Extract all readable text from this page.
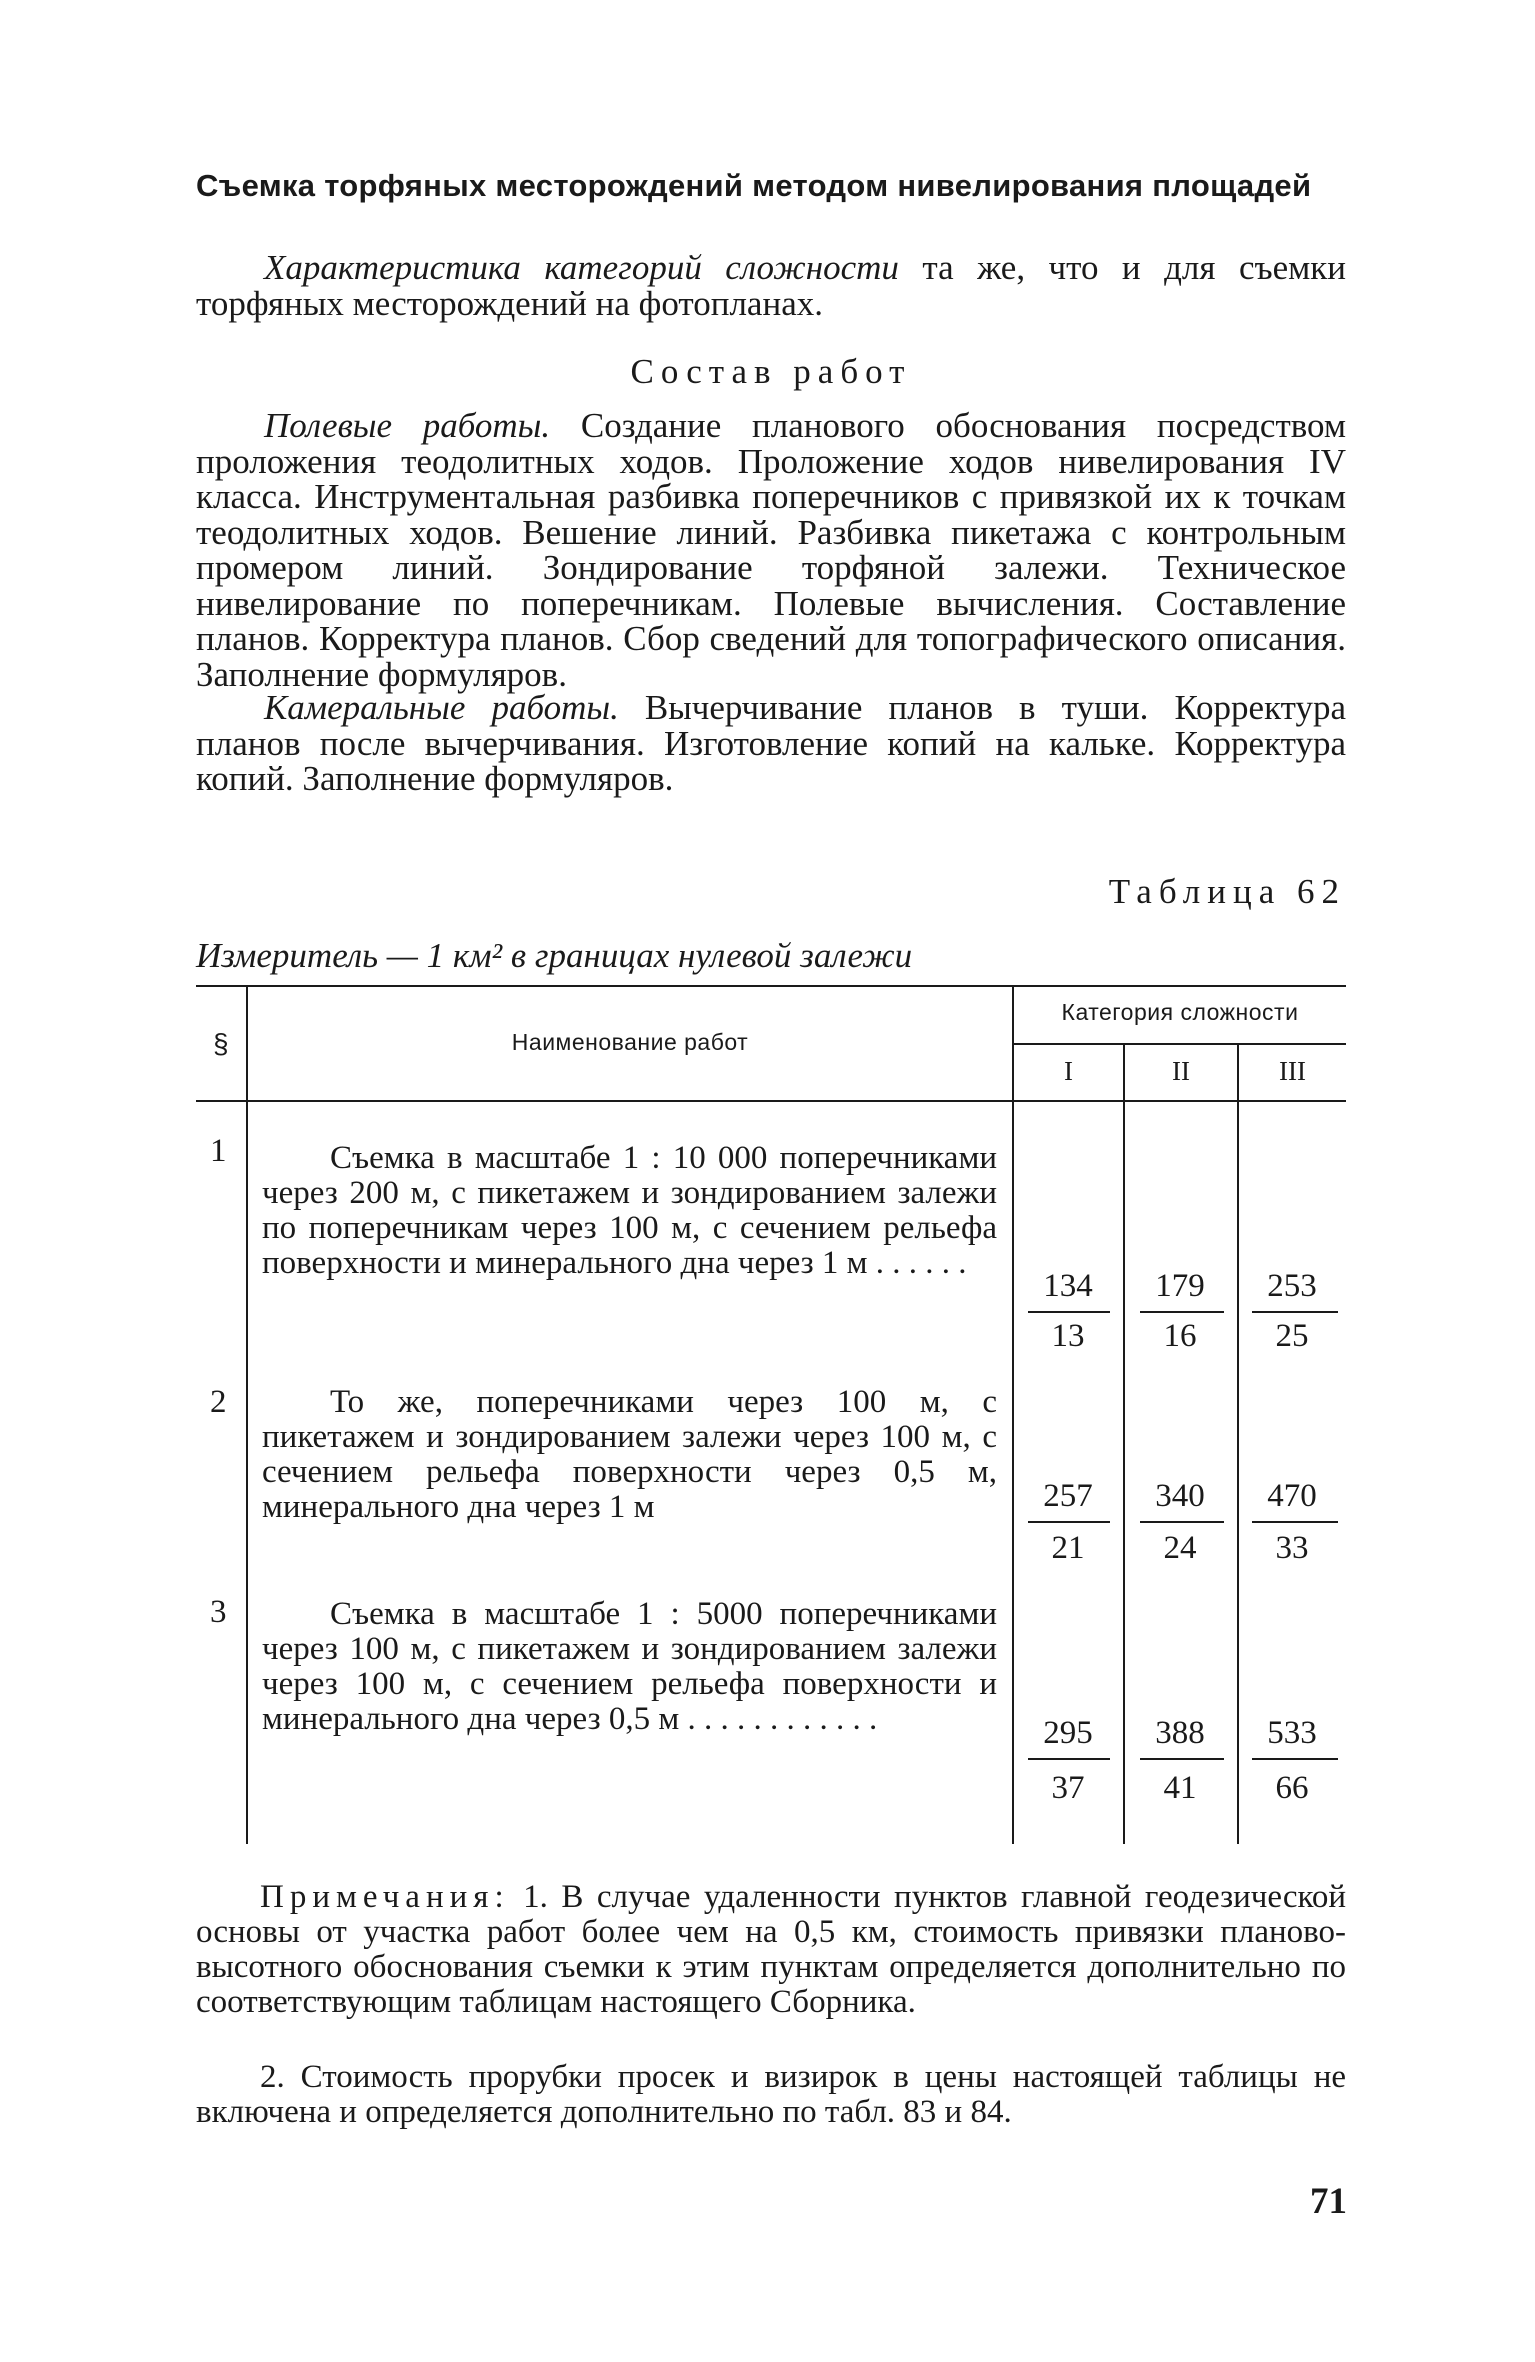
Съемка торфяных месторождений методом нивелирования площадей

Характеристика категорий сложности та же, что и для съемки торфяных месторождений на фотопланах.

Состав работ

Полевые работы. Создание планового обоснования посредством проложения теодолитных ходов. Проложение ходов нивелирования IV класса. Инструментальная разбивка поперечников с привязкой их к точкам теодолитных ходов. Вешение линий. Разбивка пикетажа с контрольным промером линий. Зондирование торфяной залежи. Техническое нивелирование по поперечникам. Полевые вычисления. Составление планов. Корректура планов. Сбор сведений для топографического описания. Заполнение формуляров.

Камеральные работы. Вычерчивание планов в туши. Корректура планов после вычерчивания. Изготовление копий на кальке. Корректура копий. Заполнение формуляров.

Таблица 62
Измеритель — 1 км² в границах нулевой залежи
§	Наименование работ
Категория сложности
I	II	III
1	Съемка в масштабе 1 : 10 000 поперечниками через 200 м, с пикетажем и зондированием залежи по поперечникам через 100 м, с сечением рельефа поверхности и минерального дна через 1 м . . . . . .
134	179	253
13	16	25
2	То же, поперечниками через 100 м, с пикетажем и зондированием залежи через 100 м, с сечением рельефа поверхности через 0,5 м, минерального дна через 1 м	257	340	470
21	24	33
3	Съемка в масштабе 1 : 5000 поперечниками через 100 м, с пикетажем и зондированием залежи через 100 м, с сечением рельефа поверхности и минерального дна через 0,5 м . . . . . . . . . . . .	295	388	533
37	41	66

Примечания: 1. В случае удаленности пунктов главной геодезической основы от участка работ более чем на 0,5 км, стоимость привязки планово-высотного обоснования съемки к этим пунктам определяется дополнительно по соответствующим таблицам настоящего Сборника.

2. Стоимость прорубки просек и визирок в цены настоящей таблицы не включена и определяется дополнительно по табл. 83 и 84.

71
